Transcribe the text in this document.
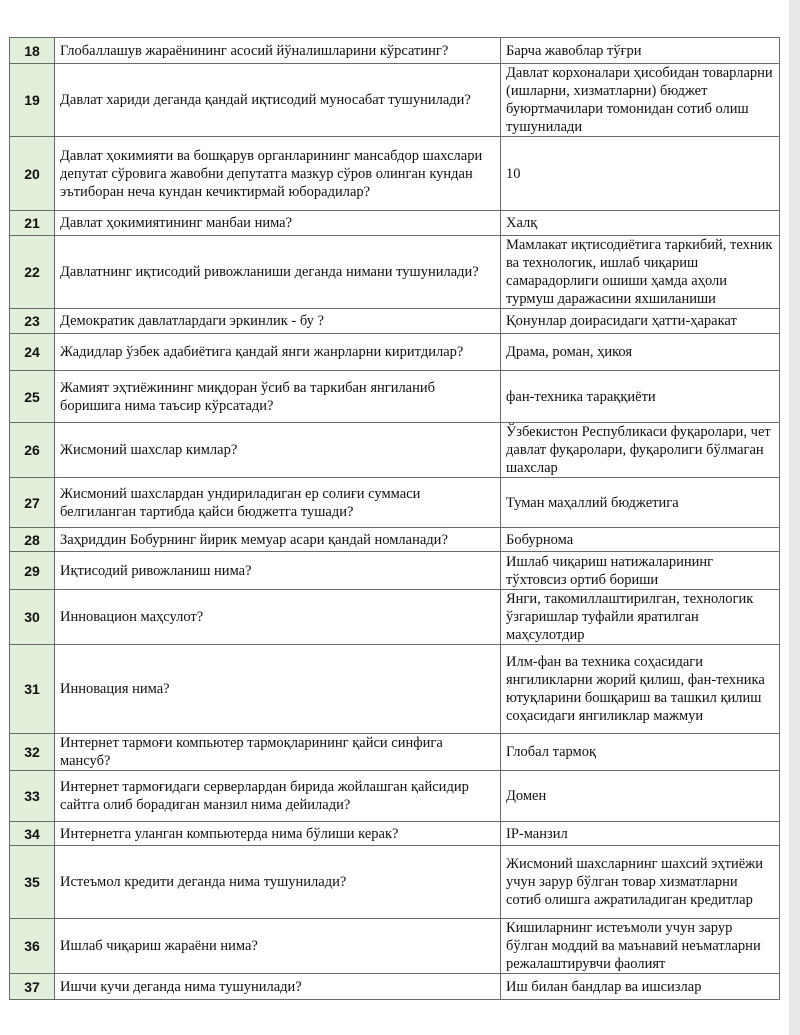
18	Глобаллашув жараёнининг асосий йўналишларини кўрсатинг?	Барча жавоблар тўғри
19	Давлат хариди деганда қандай иқтисодий муносабат тушунилади?	Давлат корхоналари ҳисобидан товарларни (ишларни, хизматларни) бюджет буюртмачилари томонидан сотиб олиш тушунилади
20	Давлат ҳокимияти ва бошқарув органларининг мансабдор шахслари депутат сўровига жавобни депутатга мазкур сўров олинган кундан эътиборан неча кундан кечиктирмай юборадилар?	10
21	Давлат ҳокимиятининг манбаи нима?	Халқ
22	Давлатнинг иқтисодий ривожланиши деганда нимани тушунилади?	Мамлакат иқтисодиётига таркибий, техник ва технологик, ишлаб чиқариш самарадорлиги ошиши ҳамда аҳоли турмуш даражасини яхшиланиши
23	Демократик давлатлардаги эркинлик - бу ?	Қонунлар доирасидаги ҳатти-ҳаракат
24	Жадидлар ўзбек адабиётига қандай янги жанрларни киритдилар?	Драма, роман, ҳикоя
25	Жамият эҳтиёжининг миқдоран ўсиб ва таркибан янгиланиб боришига нима таъсир кўрсатади?	фан-техника тараққиёти
26	Жисмоний шахслар кимлар?	Ўзбекистон Республикаси фуқаролари, чет давлат фуқаролари, фуқаролиги бўлмаган шахслар
27	Жисмоний шахслардан ундириладиган ер солиғи суммаси белгиланган тартибда қайси бюджетга тушади?	Туман маҳаллий бюджетига
28	Заҳриддин Бобурнинг йирик мемуар асари қандай номланади?	Бобурнома
29	Иқтисодий ривожланиш нима?	Ишлаб чиқариш натижаларининг тўхтовсиз ортиб бориши
30	Инновацион маҳсулот?	Янги, такомиллаштирилган, технологик ўзгаришлар туфайли яратилган маҳсулотдир
31	Инновация нима?	Илм-фан ва техника соҳасидаги янгиликларни жорий қилиш, фан-техника ютуқларини бошқариш ва ташкил қилиш соҳасидаги янгиликлар мажмуи
32	Интернет тармоғи компьютер тармоқларининг қайси синфига мансуб?	Глобал тармоқ
33	Интернет тармоғидаги серверлардан бирида жойлашган қайсидир сайтга олиб борадиган манзил нима дейилади?	Домен
34	Интернетга уланган компьютерда нима бўлиши керак?	IP-манзил
35	Истеъмол кредити деганда нима тушунилади?	Жисмоний шахсларнинг шахсий эҳтиёжи учун зарур бўлган товар хизматларни сотиб олишга ажратиладиган кредитлар
36	Ишлаб чиқариш жараёни нима?	Кишиларнинг истеъмоли учун зарур бўлган моддий ва маънавий неъматларни режалаштирувчи фаолият
37	Ишчи кучи деганда нима тушунилади?	Иш билан бандлар ва ишсизлар
